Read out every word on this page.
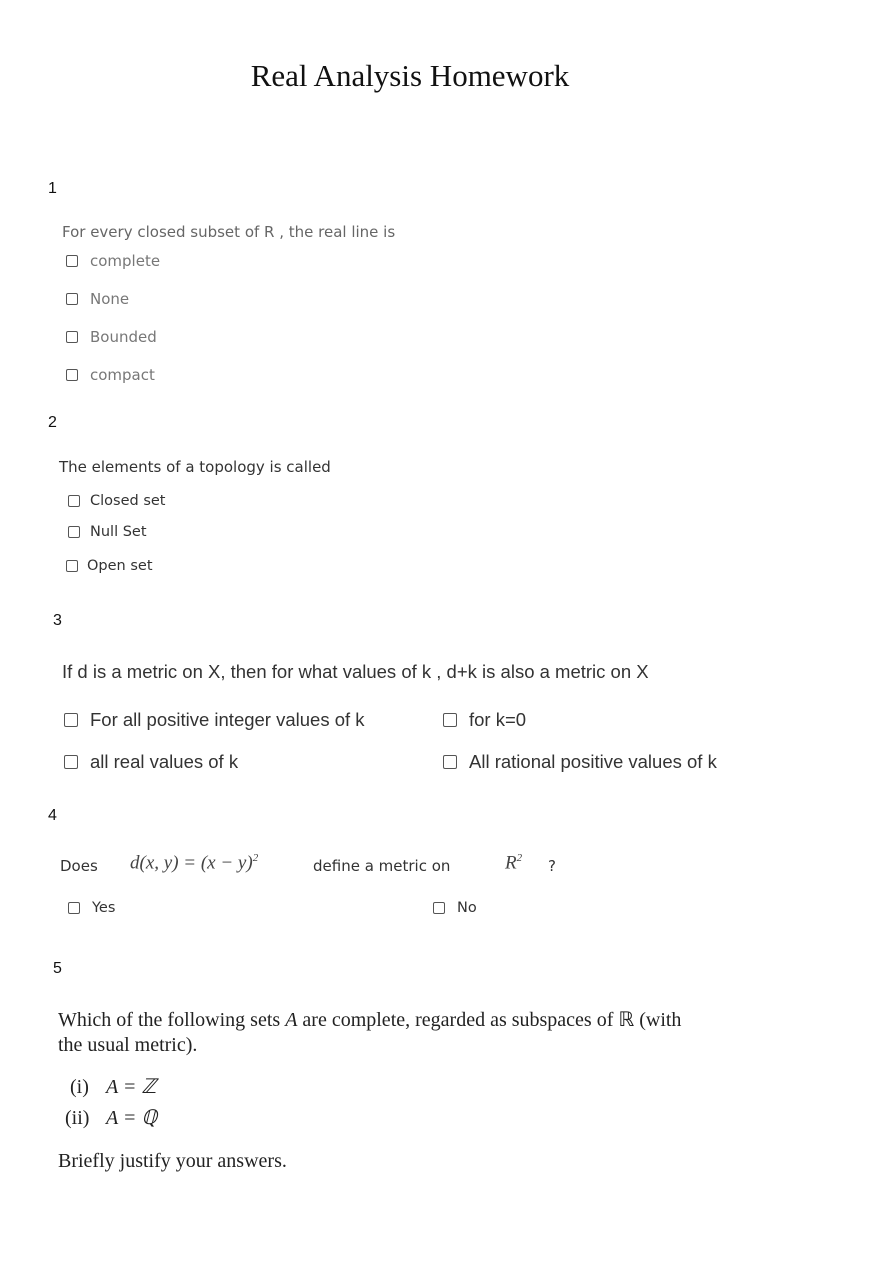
Real Analysis Homework
1
For every closed subset of R , the real line is
complete
None
Bounded
compact
2
The elements of a topology is called
Closed set
Null Set
Open set
3
If d is a metric on X, then for what values of k , d+k is also a metric on X
For all positive integer values of k	for k=0
all real values of k	All rational positive values of k
4
Does d(x, $y) = (x - y)^2$	define a metric on	$R^2$ ?
Yes	No
5
Which of the following sets A are complete, regarded as subspaces of ℝ (with
the usual metric).
(i) A = ℤ
(ii) A = ℚ
Briefly justify your answers.
